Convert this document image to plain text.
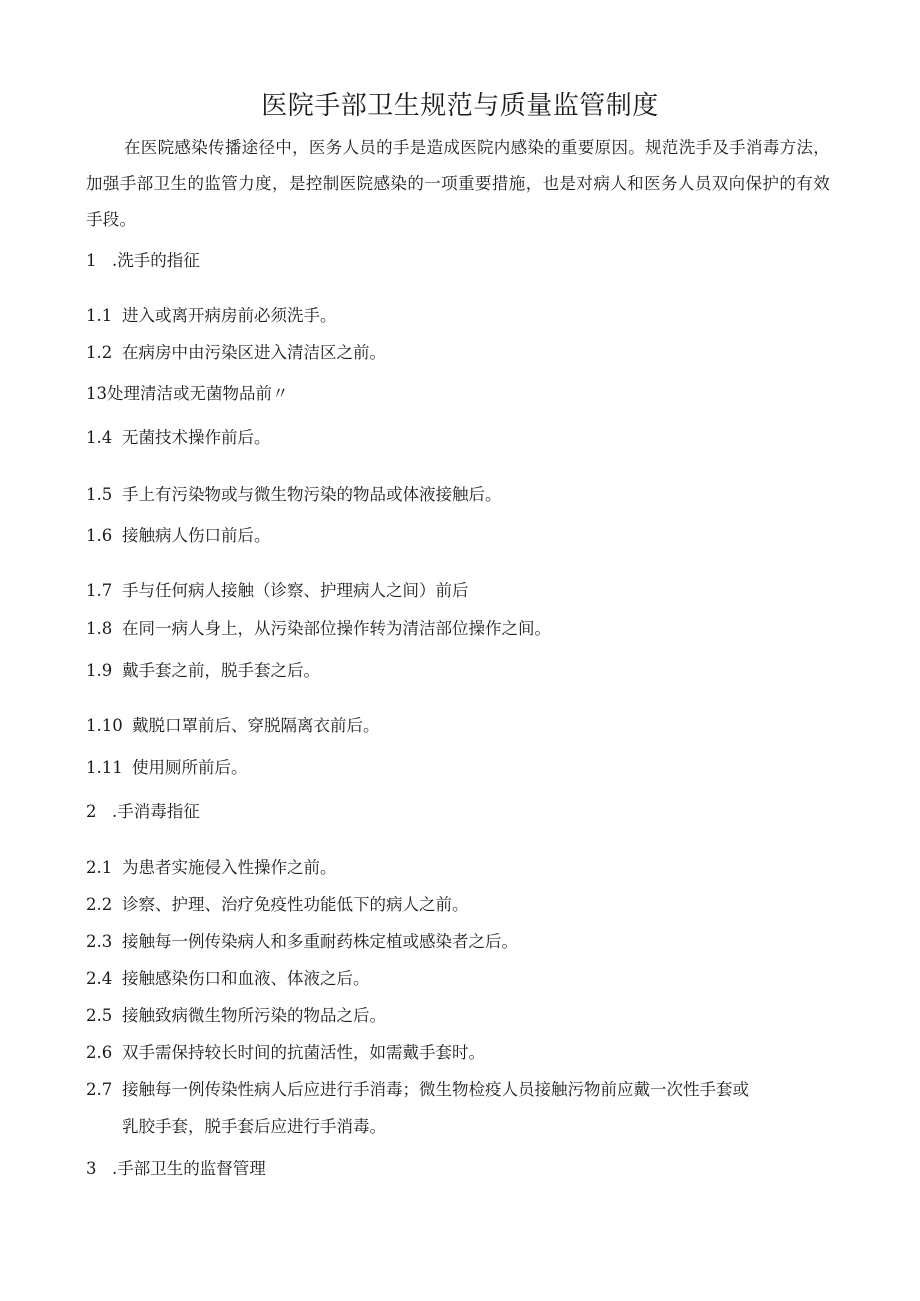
医院手部卫生规范与质量监管制度

在医院感染传播途径中，医务人员的手是造成医院内感染的重要原因。规范洗手及手消毒方法，加强手部卫生的监管力度，是控制医院感染的一项重要措施，也是对病人和医务人员双向保护的有效手段。

1 .洗手的指征

1.1 进入或离开病房前必须洗手。

1.2 在病房中由污染区进入清洁区之前。

13处理清洁或无菌物品前〃

1.4 无菌技术操作前后。

1.5 手上有污染物或与微生物污染的物品或体液接触后。

1.6 接触病人伤口前后。

1.7 手与任何病人接触（诊察、护理病人之间）前后

1.8 在同一病人身上，从污染部位操作转为清洁部位操作之间。

1.9 戴手套之前，脱手套之后。

1.10 戴脱口罩前后、穿脱隔离衣前后。

1.11 使用厕所前后。

2 .手消毒指征

2.1 为患者实施侵入性操作之前。

2.2 诊察、护理、治疗免疫性功能低下的病人之前。

2.3 接触每一例传染病人和多重耐药株定植或感染者之后。

2.4 接触感染伤口和血液、体液之后。

2.5 接触致病微生物所污染的物品之后。

2.6 双手需保持较长时间的抗菌活性，如需戴手套时。

2.7 接触每一例传染性病人后应进行手消毒；微生物检疫人员接触污物前应戴一次性手套或
乳胶手套，脱手套后应进行手消毒。

3 .手部卫生的监督管理
